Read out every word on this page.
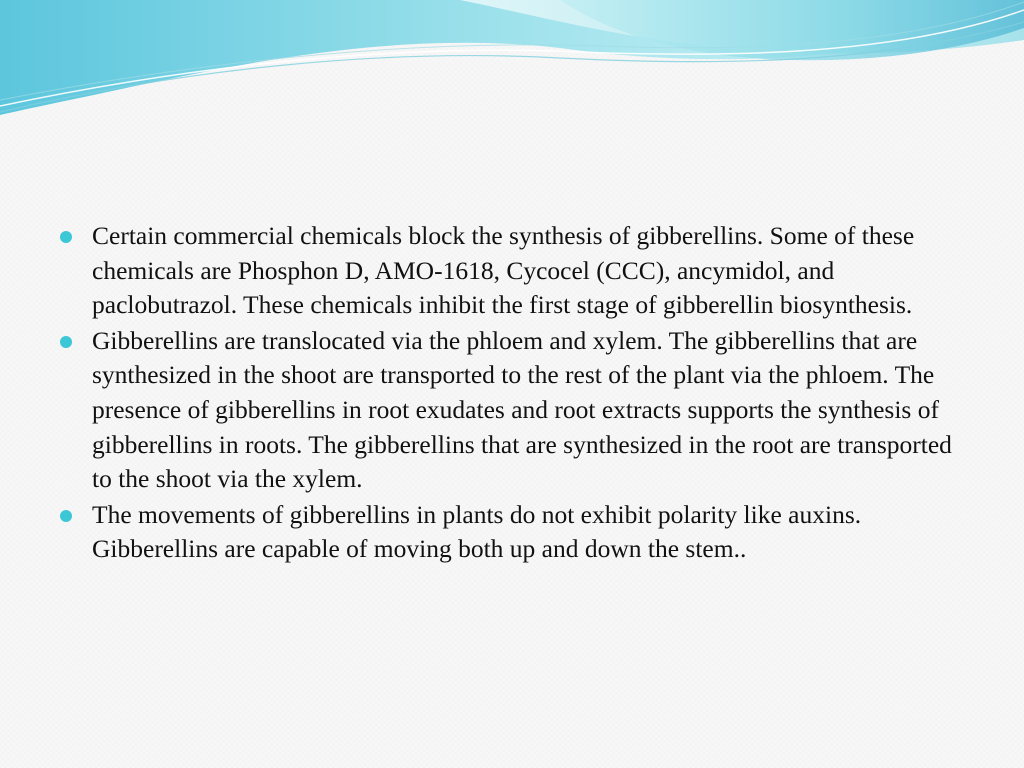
Certain commercial chemicals block the synthesis of gibberellins. Some of these chemicals are Phosphon D, AMO-1618, Cycocel (CCC), ancymidol, and paclobutrazol. These chemicals inhibit the first stage of gibberellin biosynthesis.
Gibberellins are translocated via the phloem and xylem. The gibberellins that are synthesized in the shoot are transported to the rest of the plant via the phloem. The presence of gibberellins in root exudates and root extracts supports the synthesis of gibberellins in roots. The gibberellins that are synthesized in the root are transported to the shoot via the xylem.
The movements of gibberellins in plants do not exhibit polarity like auxins. Gibberellins are capable of moving both up and down the stem..
